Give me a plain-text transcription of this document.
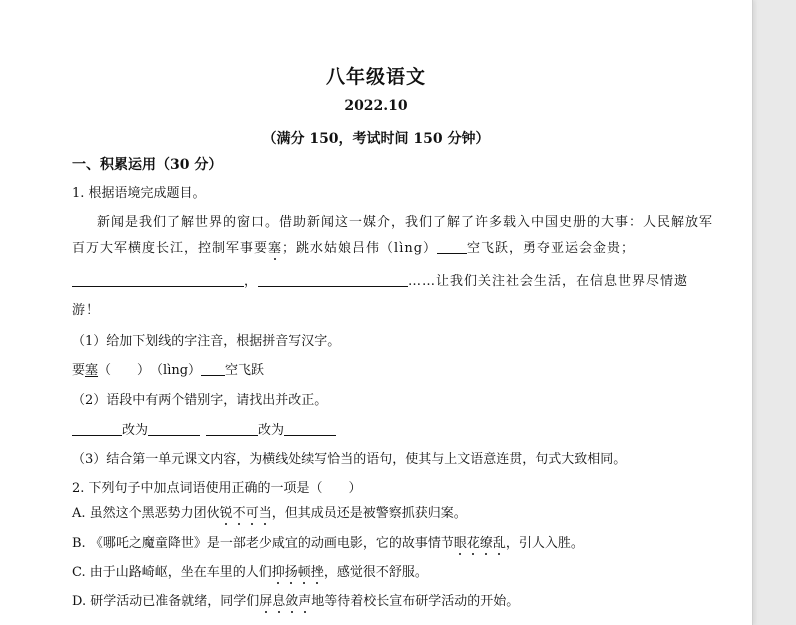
八年级语文
2022.10
（满分 150，考试时间 150 分钟）
一、积累运用（30 分）
1. 根据语境完成题目。
新闻是我们了解世界的窗口。借助新闻这一媒介，我们了解了许多载入中国史册的大事：人民解放军
百万大军横度长江，控制军事要塞；跳水姑娘吕伟（lìng） 空飞跃，勇夺亚运会金贵；
，	……让我们关注社会生活，在信息世界尽情遨
游！
（1）给加下划线的字注音，根据拼音写汉字。
要塞（　　）　（lìng） 空飞跃
（2）语段中有两个错别字，请找出并改正。
改为	改为
（3）结合第一单元课文内容，为横线处续写恰当的语句，使其与上文语意连贯，句式大致相同。
2. 下列句子中加点词语使用正确的一项是（　　）
A. 虽然这个黑恶势力团伙锐不可当，但其成员还是被警察抓获归案。
B. 《哪吒之魔童降世》是一部老少咸宜的动画电影，它的故事情节眼花缭乱，引人入胜。
C. 由于山路崎岖，坐在车里的人们抑扬顿挫，感觉很不舒服。
D. 研学活动已准备就绪，同学们屏息敛声地等待着校长宣布研学活动的开始。
